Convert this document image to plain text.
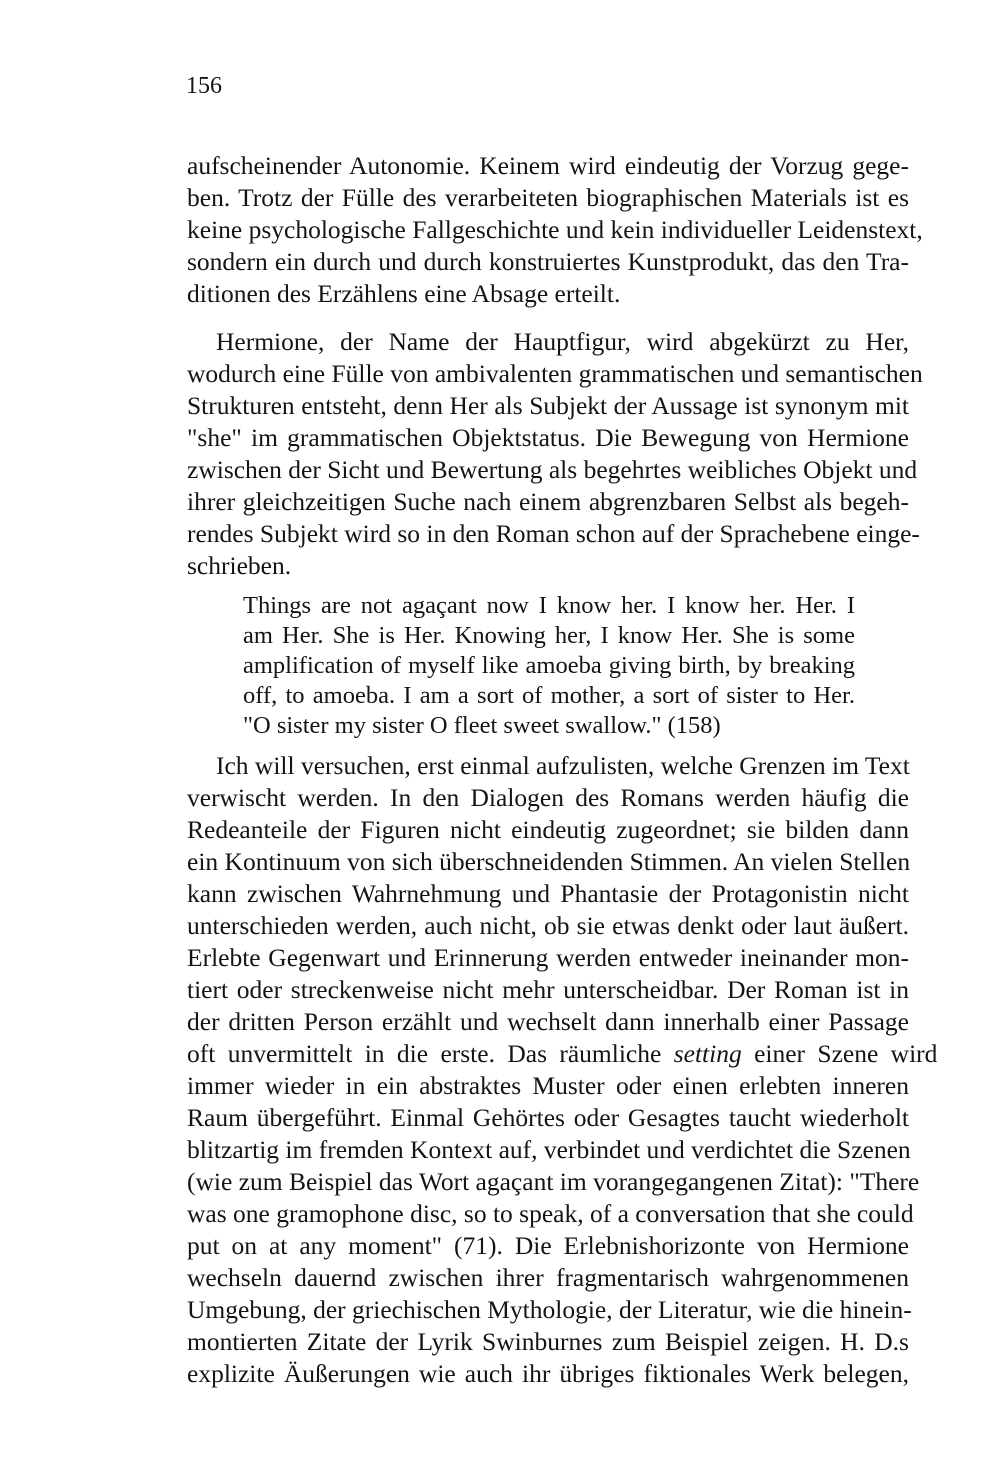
156
aufscheinender Autonomie. Keinem wird eindeutig der Vorzug gege-
ben. Trotz der Fülle des verarbeiteten biographischen Materials ist es
keine psychologische Fallgeschichte und kein individueller Leidenstext,
sondern ein durch und durch konstruiertes Kunstprodukt, das den Tra-
ditionen des Erzählens eine Absage erteilt.
Hermione, der Name der Hauptfigur, wird abgekürzt zu Her,
wodurch eine Fülle von ambivalenten grammatischen und semantischen
Strukturen entsteht, denn Her als Subjekt der Aussage ist synonym mit
"she" im grammatischen Objektstatus. Die Bewegung von Hermione
zwischen der Sicht und Bewertung als begehrtes weibliches Objekt und
ihrer gleichzeitigen Suche nach einem abgrenzbaren Selbst als begeh-
rendes Subjekt wird so in den Roman schon auf der Sprachebene einge-
schrieben.
Things are not agaçant now I know her. I know her. Her. I
am Her. She is Her. Knowing her, I know Her. She is some
amplification of myself like amoeba giving birth, by breaking
off, to amoeba. I am a sort of mother, a sort of sister to Her.
"O sister my sister O fleet sweet swallow." (158)
Ich will versuchen, erst einmal aufzulisten, welche Grenzen im Text
verwischt werden. In den Dialogen des Romans werden häufig die
Redeanteile der Figuren nicht eindeutig zugeordnet; sie bilden dann
ein Kontinuum von sich überschneidenden Stimmen. An vielen Stellen
kann zwischen Wahrnehmung und Phantasie der Protagonistin nicht
unterschieden werden, auch nicht, ob sie etwas denkt oder laut äußert.
Erlebte Gegenwart und Erinnerung werden entweder ineinander mon-
tiert oder streckenweise nicht mehr unterscheidbar. Der Roman ist in
der dritten Person erzählt und wechselt dann innerhalb einer Passage
oft unvermittelt in die erste. Das räumliche setting einer Szene wird
immer wieder in ein abstraktes Muster oder einen erlebten inneren
Raum übergeführt. Einmal Gehörtes oder Gesagtes taucht wiederholt
blitzartig im fremden Kontext auf, verbindet und verdichtet die Szenen
(wie zum Beispiel das Wort agaçant im vorangegangenen Zitat): "There
was one gramophone disc, so to speak, of a conversation that she could
put on at any moment" (71). Die Erlebnishorizonte von Hermione
wechseln dauernd zwischen ihrer fragmentarisch wahrgenommenen
Umgebung, der griechischen Mythologie, der Literatur, wie die hinein-
montierten Zitate der Lyrik Swinburnes zum Beispiel zeigen. H. D.s
explizite Äußerungen wie auch ihr übriges fiktionales Werk belegen,
